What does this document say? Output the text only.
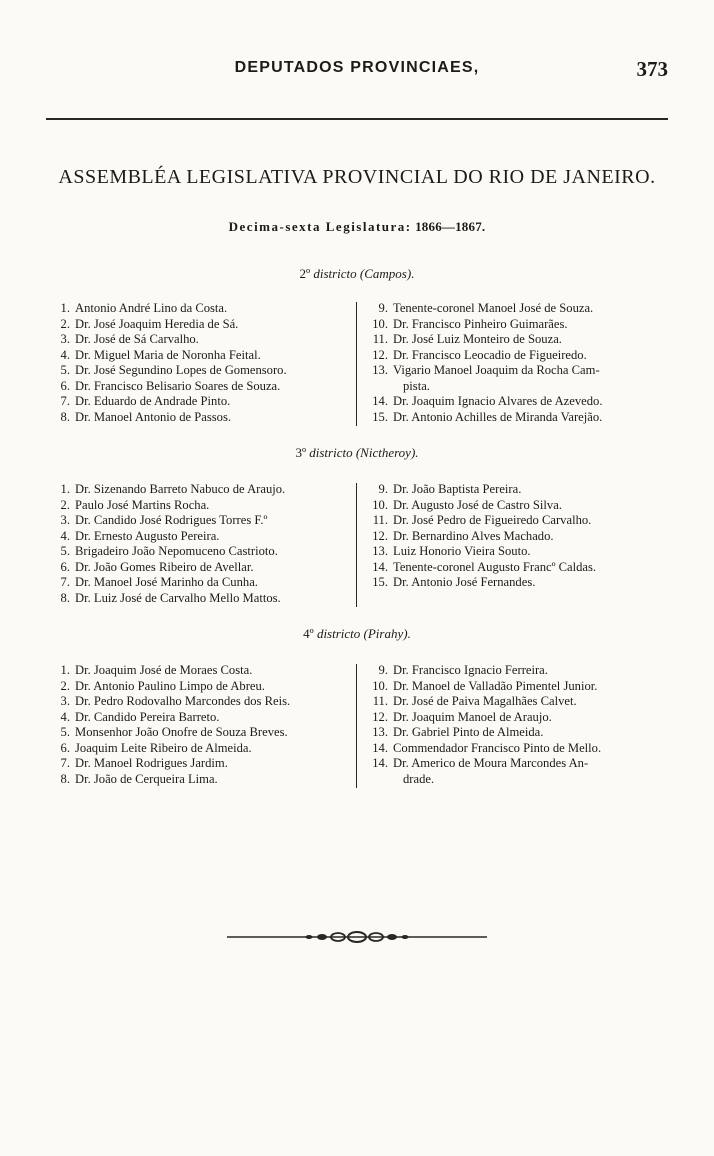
DEPUTADOS PROVINCIAES,	373
ASSEMBLÉA LEGISLATIVA PROVINCIAL DO RIO DE JANEIRO.
Decima-sexta Legislatura: 1866—1867.
2º districto (Campos).
1. Antonio André Lino da Costa.
2. Dr. José Joaquim Heredia de Sá.
3. Dr. José de Sá Carvalho.
4. Dr. Miguel Maria de Noronha Feital.
5. Dr. José Segundino Lopes de Gomensoro.
6. Dr. Francisco Belisario Soares de Souza.
7. Dr. Eduardo de Andrade Pinto.
8. Dr. Manoel Antonio de Passos.
9. Tenente-coronel Manoel José de Souza.
10. Dr. Francisco Pinheiro Guimarães.
11. Dr. José Luiz Monteiro de Souza.
12. Dr. Francisco Leocadio de Figueiredo.
13. Vigario Manoel Joaquim da Rocha Cam-
pista.
14. Dr. Joaquim Ignacio Alvares de Azevedo.
15. Dr. Antonio Achilles de Miranda Varejão.
3º districto (Nictheroy).
1. Dr. Sizenando Barreto Nabuco de Araujo.
2. Paulo José Martins Rocha.
3. Dr. Candido José Rodrigues Torres F.º
4. Dr. Ernesto Augusto Pereira.
5. Brigadeiro João Nepomuceno Castrioto.
6. Dr. João Gomes Ribeiro de Avellar.
7. Dr. Manoel José Marinho da Cunha.
8. Dr. Luiz José de Carvalho Mello Mattos.
9. Dr. João Baptista Pereira.
10. Dr. Augusto José de Castro Silva.
11. Dr. José Pedro de Figueiredo Carvalho.
12. Dr. Bernardino Alves Machado.
13. Luiz Honorio Vieira Souto.
14. Tenente-coronel Augusto Francº Caldas.
15. Dr. Antonio José Fernandes.
4º districto (Pirahy).
1. Dr. Joaquim José de Moraes Costa.
2. Dr. Antonio Paulino Limpo de Abreu.
3. Dr. Pedro Rodovalho Marcondes dos Reis.
4. Dr. Candido Pereira Barreto.
5. Monsenhor João Onofre de Souza Breves.
6. Joaquim Leite Ribeiro de Almeida.
7. Dr. Manoel Rodrigues Jardim.
8. Dr. João de Cerqueira Lima.
9. Dr. Francisco Ignacio Ferreira.
10. Dr. Manoel de Valladão Pimentel Junior.
11. Dr. José de Paiva Magalhães Calvet.
12. Dr. Joaquim Manoel de Araujo.
13. Dr. Gabriel Pinto de Almeida.
14. Commendador Francisco Pinto de Mello.
14. Dr. Americo de Moura Marcondes An-
drade.
